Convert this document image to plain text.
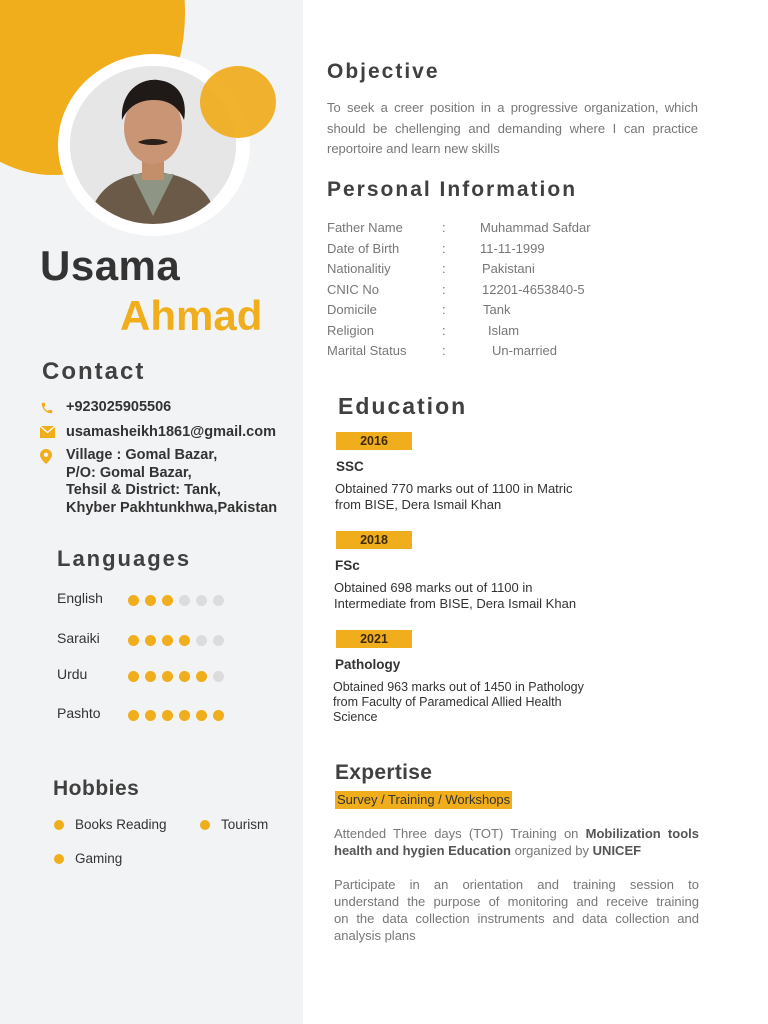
Usama
Ahmad
Contact
+923025905506
usamasheikh1861@gmail.com
Village : Gomal Bazar,
P/O: Gomal Bazar,
Tehsil & District: Tank,
Khyber Pakhtunkhwa,Pakistan
Languages
English
Saraiki
Urdu
Pashto
Hobbies
Books Reading	Tourism
Gaming
Objective
To seek a creer position in a progressive organization, which
should be chellenging and demanding where I can practice
reportoire and learn new skills
Personal Information
Father Name	:	Muhammad Safdar
Date of Birth	:	11-11-1999
Nationalitiy	:	Pakistani
CNIC No	:	12201-4653840-5
Domicile	:	Tank
Religion	:	Islam
Marital Status	:	Un-married
Education
2016
SSC
Obtained 770 marks out of 1100 in Matric
from BISE, Dera Ismail Khan
2018
FSc
Obtained 698 marks out of 1100 in
Intermediate from BISE, Dera Ismail Khan
2021
Pathology
Obtained 963 marks out of 1450 in Pathology
from Faculty of Paramedical Allied Health
Science
Expertise
Survey / Training / Workshops
Attended Three days (TOT) Training on Mobilization tools
health and hygien Education organized by UNICEF
Participate in an orientation and training session to
understand the purpose of monitoring and receive training
on the data collection instruments and data collection and
analysis plans
